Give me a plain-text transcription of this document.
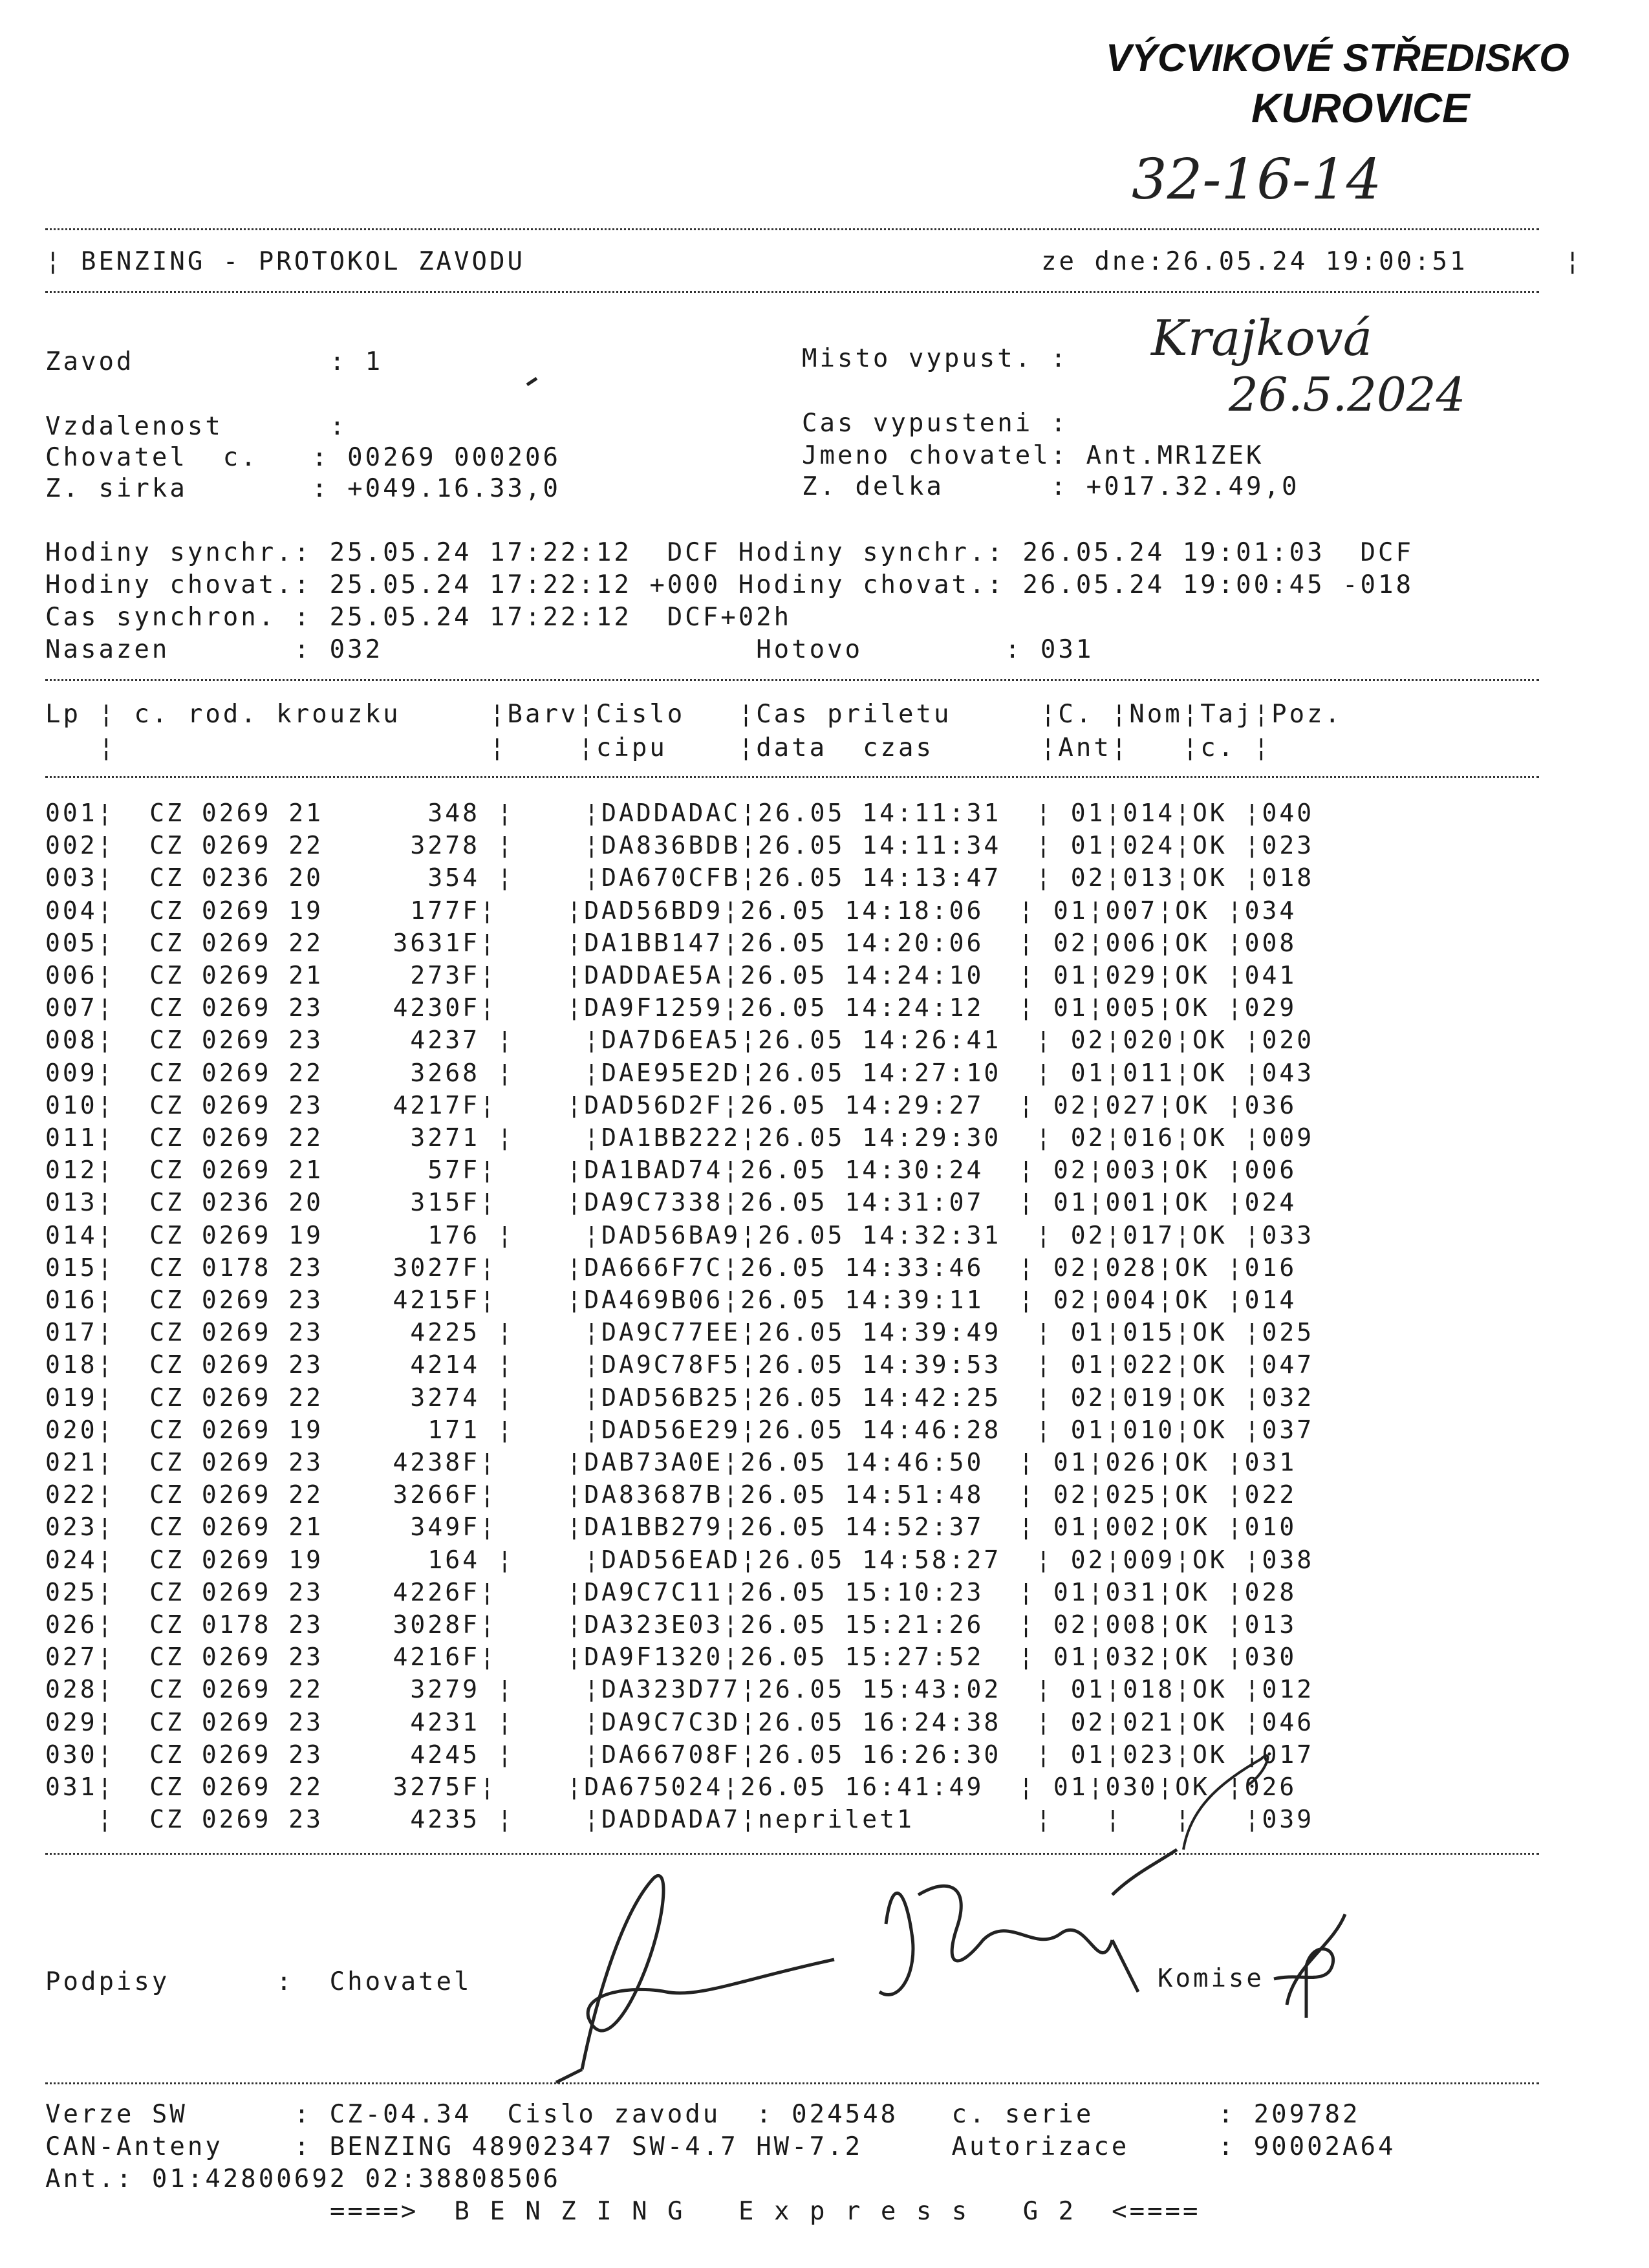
VÝCVIKOVÉ STŘEDISKO
KUROVICE
32-16-14
¦ BENZING - PROTOKOL ZAVODU	ze dne:26.05.24 19:00:51	¦
Zavod           : 1	Misto vypust. : Krajková
26.5.2024
Vzdalenost      :	Cas vypusteni :
Chovatel  c.   : 00269 000206	Jmeno chovatel: Ant.MR1ZEK
Z. sirka       : +049.16.33,0	Z. delka      : +017.32.49,0
Hodiny synchr.: 25.05.24 17:22:12  DCF Hodiny synchr.: 26.05.24 19:01:03  DCF
Hodiny chovat.: 25.05.24 17:22:12 +000 Hodiny chovat.: 26.05.24 19:00:45 -018
Cas synchron. : 25.05.24 17:22:12  DCF+02h
Nasazen       : 032                     Hotovo        : 031
Lp ¦ c. rod. krouzku     ¦Barv¦Cislo   ¦Cas priletu     ¦C. ¦Nom¦Taj¦Poz.
¦                     ¦    ¦cipu    ¦data  czas      ¦Ant¦   ¦c. ¦
001¦  CZ 0269 21      348 ¦    ¦DADDADAC¦26.05 14:11:31  ¦ 01¦014¦OK ¦040
002¦  CZ 0269 22     3278 ¦    ¦DA836BDB¦26.05 14:11:34  ¦ 01¦024¦OK ¦023
003¦  CZ 0236 20      354 ¦    ¦DA670CFB¦26.05 14:13:47  ¦ 02¦013¦OK ¦018
004¦  CZ 0269 19     177F¦    ¦DAD56BD9¦26.05 14:18:06  ¦ 01¦007¦OK ¦034
005¦  CZ 0269 22    3631F¦    ¦DA1BB147¦26.05 14:20:06  ¦ 02¦006¦OK ¦008
006¦  CZ 0269 21     273F¦    ¦DADDAE5A¦26.05 14:24:10  ¦ 01¦029¦OK ¦041
007¦  CZ 0269 23    4230F¦    ¦DA9F1259¦26.05 14:24:12  ¦ 01¦005¦OK ¦029
008¦  CZ 0269 23     4237 ¦    ¦DA7D6EA5¦26.05 14:26:41  ¦ 02¦020¦OK ¦020
009¦  CZ 0269 22     3268 ¦    ¦DAE95E2D¦26.05 14:27:10  ¦ 01¦011¦OK ¦043
010¦  CZ 0269 23    4217F¦    ¦DAD56D2F¦26.05 14:29:27  ¦ 02¦027¦OK ¦036
011¦  CZ 0269 22     3271 ¦    ¦DA1BB222¦26.05 14:29:30  ¦ 02¦016¦OK ¦009
012¦  CZ 0269 21      57F¦    ¦DA1BAD74¦26.05 14:30:24  ¦ 02¦003¦OK ¦006
013¦  CZ 0236 20     315F¦    ¦DA9C7338¦26.05 14:31:07  ¦ 01¦001¦OK ¦024
014¦  CZ 0269 19      176 ¦    ¦DAD56BA9¦26.05 14:32:31  ¦ 02¦017¦OK ¦033
015¦  CZ 0178 23    3027F¦    ¦DA666F7C¦26.05 14:33:46  ¦ 02¦028¦OK ¦016
016¦  CZ 0269 23    4215F¦    ¦DA469B06¦26.05 14:39:11  ¦ 02¦004¦OK ¦014
017¦  CZ 0269 23     4225 ¦    ¦DA9C77EE¦26.05 14:39:49  ¦ 01¦015¦OK ¦025
018¦  CZ 0269 23     4214 ¦    ¦DA9C78F5¦26.05 14:39:53  ¦ 01¦022¦OK ¦047
019¦  CZ 0269 22     3274 ¦    ¦DAD56B25¦26.05 14:42:25  ¦ 02¦019¦OK ¦032
020¦  CZ 0269 19      171 ¦    ¦DAD56E29¦26.05 14:46:28  ¦ 01¦010¦OK ¦037
021¦  CZ 0269 23    4238F¦    ¦DAB73A0E¦26.05 14:46:50  ¦ 01¦026¦OK ¦031
022¦  CZ 0269 22    3266F¦    ¦DA83687B¦26.05 14:51:48  ¦ 02¦025¦OK ¦022
023¦  CZ 0269 21     349F¦    ¦DA1BB279¦26.05 14:52:37  ¦ 01¦002¦OK ¦010
024¦  CZ 0269 19      164 ¦    ¦DAD56EAD¦26.05 14:58:27  ¦ 02¦009¦OK ¦038
025¦  CZ 0269 23    4226F¦    ¦DA9C7C11¦26.05 15:10:23  ¦ 01¦031¦OK ¦028
026¦  CZ 0178 23    3028F¦    ¦DA323E03¦26.05 15:21:26  ¦ 02¦008¦OK ¦013
027¦  CZ 0269 23    4216F¦    ¦DA9F1320¦26.05 15:27:52  ¦ 01¦032¦OK ¦030
028¦  CZ 0269 22     3279 ¦    ¦DA323D77¦26.05 15:43:02  ¦ 01¦018¦OK ¦012
029¦  CZ 0269 23     4231 ¦    ¦DA9C7C3D¦26.05 16:24:38  ¦ 02¦021¦OK ¦046
030¦  CZ 0269 23     4245 ¦    ¦DA66708F¦26.05 16:26:30  ¦ 01¦023¦OK ¦017
031¦  CZ 0269 22    3275F¦    ¦DA675024¦26.05 16:41:49  ¦ 01¦030¦OK ¦026
¦  CZ 0269 23     4235 ¦    ¦DADDADA7¦neprilet1       ¦   ¦   ¦   ¦039
Podpisy      :  Chovatel	Komise
Verze SW      : CZ-04.34  Cislo zavodu  : 024548   c. serie       : 209782
CAN-Anteny    : BENZING 48902347 SW-4.7 HW-7.2     Autorizace     : 90002A64
Ant.: 01:42800692 02:38808506
====>  B E N Z I N G   E x p r e s s   G 2  <====
